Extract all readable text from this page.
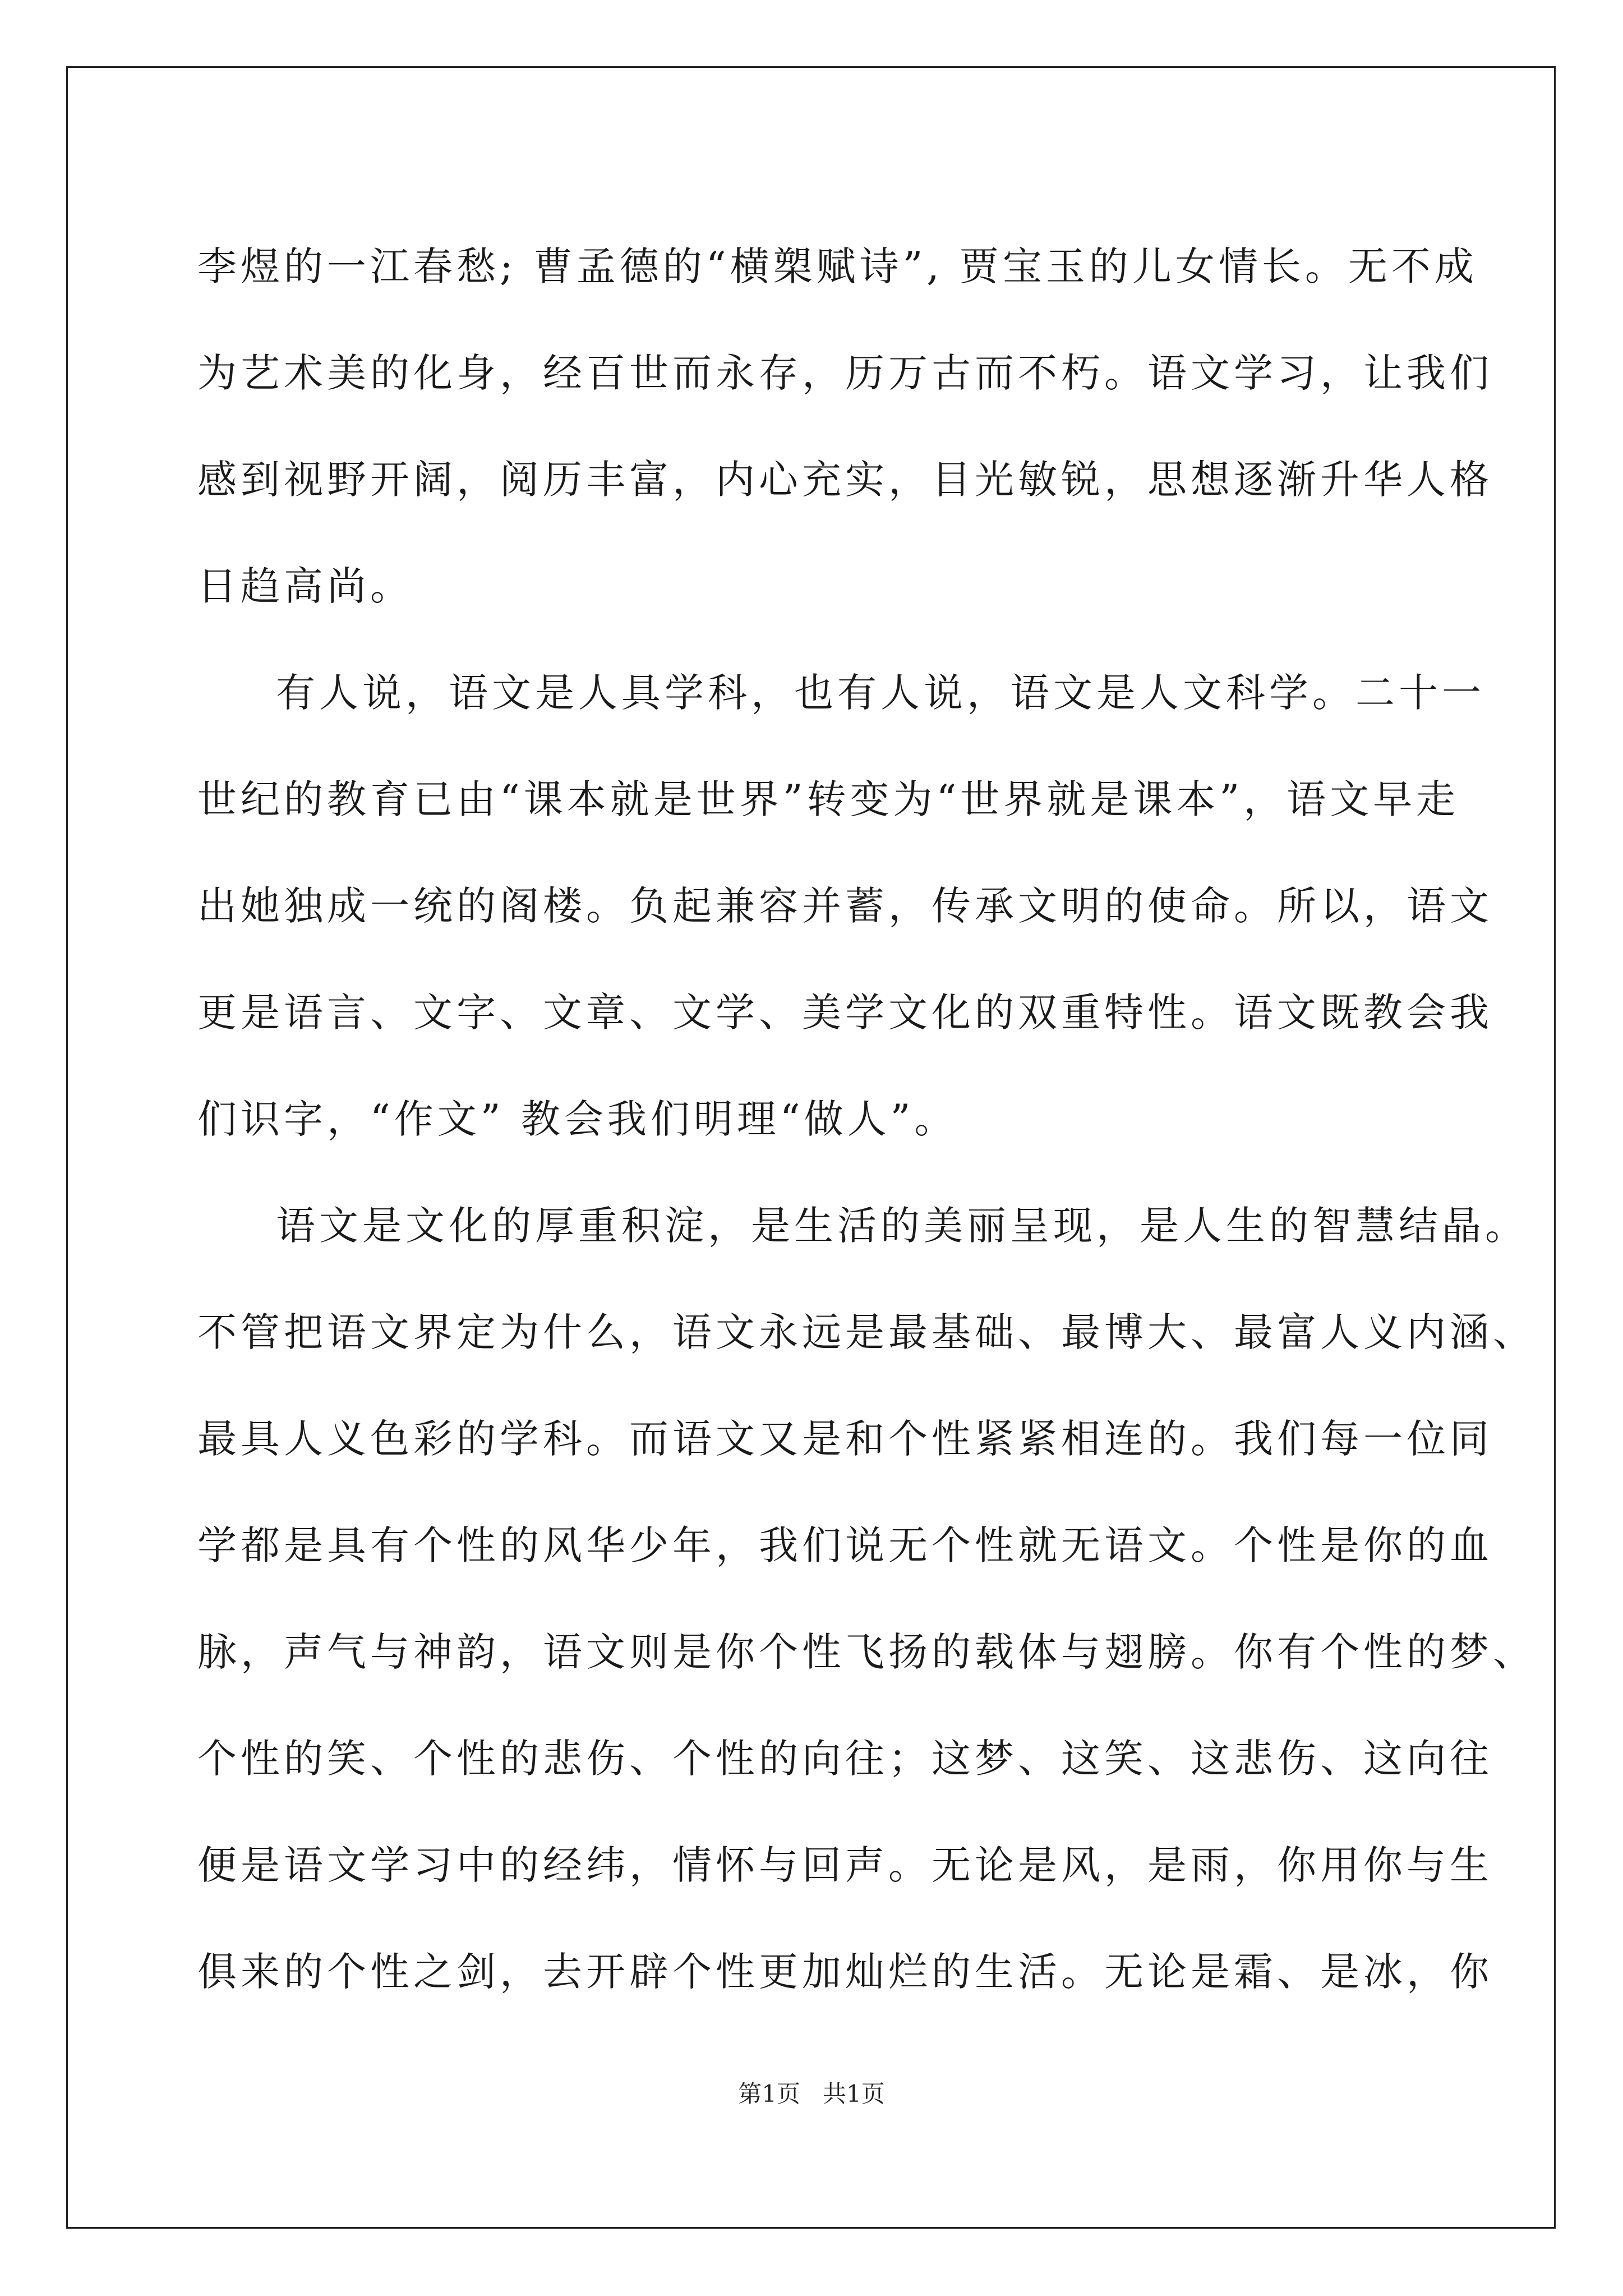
李煜的一江春愁; 曹孟德的“横槊赋诗”, 贾宝玉的儿女情长。无不成
为艺术美的化身，经百世而永存，历万古而不朽。语文学习，让我们
感到视野开阔，阅历丰富，内心充实，目光敏锐，思想逐渐升华人格
日趋高尚。

有人说，语文是人具学科，也有人说，语文是人文科学。二十一
世纪的教育已由“课本就是世界”转变为“世界就是课本”，语文早走
出她独成一统的阁楼。负起兼容并蓄，传承文明的使命。所以，语文
更是语言、文字、文章、文学、美学文化的双重特性。语文既教会我
们识字，“作文” 教会我们明理“做人”。

语文是文化的厚重积淀，是生活的美丽呈现，是人生的智慧结晶。
不管把语文界定为什么，语文永远是最基础、最博大、最富人义内涵、
最具人义色彩的学科。而语文又是和个性紧紧相连的。我们每一位同
学都是具有个性的风华少年，我们说无个性就无语文。个性是你的血
脉，声气与神韵，语文则是你个性飞扬的载体与翅膀。你有个性的梦、
个性的笑、个性的悲伤、个性的向往；这梦、这笑、这悲伤、这向往
便是语文学习中的经纬，情怀与回声。无论是风，是雨，你用你与生
俱来的个性之剑，去开辟个性更加灿烂的生活。无论是霜、是冰，你

第1页 共1页
